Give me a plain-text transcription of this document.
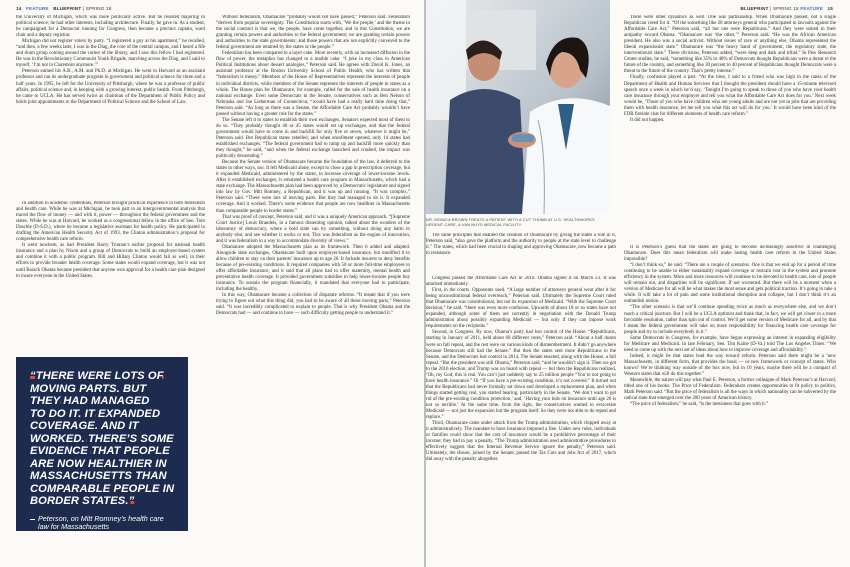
14 FEATURE BLUEPRINT | SPRING 18

the University of Michigan, which was more politically active. But he resisted majoring in political science; he had other interests, including architecture. Finally, he gave in. As a student, he campaigned for a Democrat running for Congress, then became a precinct captain, ward chair and a deputy registrar.

Michigan did not register voters by party. “I registered a guy at his apartment,” he recalled, “and then, a few weeks later, I was in the Diag, the core of the central campus, and I heard a fife and drum group coming around the corner of the library, and I saw this fellow I had registered. He was in the Revolutionary Communist Youth Brigade, marching across the Diag, and I said to myself, ‘I’m not in Claremont anymore.’”

Peterson earned his A.B., A.M. and Ph.D. at Michigan. He went to Harvard as an assistant professor and ran its undergraduate program in government and political science for three and a half years. In 1995, he left for the University of Pittsburgh, where he was a professor of public affairs, political science and, in keeping with a growing interest, public health. From Pittsburgh, he came to UCLA. He has served twice as chairman of the Department of Public Policy and holds joint appointments to the Department of Political Science and the School of Law.

In addition to academic credentials, Peterson brought practical experience in both federalism and health care. While he was at Michigan, he took part in an intergovernmental analysis that traced the flow of money — and with it, power — throughout the federal government and the states. While he was at Harvard, he worked as a congressional fellow in the office of Sen. Tom Daschle (D-S.D.), where he became a legislative assistant for health policy. He participated in drafting the American Health Security Act of 1993, the Clinton administration’s proposal for comprehensive health care reform.

It went nowhere, as had President Harry Truman’s earlier proposal for national health insurance and a plan by Nixon and a group of Democrats to build an employer-based system and combine it with a public program. Bill and Hillary Clinton would fail as well, in their efforts to provide broader health coverage. Some states would expand coverage, but it was not until Barack Obama became president that anyone won approval for a health care plan designed to insure everyone in the United States.

“THERE WERE LOTS OF
MOVING PARTS. BUT
THEY HAD MANAGED
TO DO IT. IT EXPANDED
COVERAGE. AND IT
WORKED. THERE’S SOME
EVIDENCE THAT PEOPLE
ARE NOW HEALTHIER IN
MASSACHUSETTS THAN
COMPARABLE PEOPLE IN
BORDER STATES.”
Peterson, on Mitt Romney’s health care law for Massachusetts

Without federalism, Obamacare “probably would not have passed,” Peterson said. Federalism “derives from popular sovereignty. The Constitution starts with, ‘We the people,’ and the theme in the social contract is that we, the people, have come together, and in this Constitution, we are granting certain powers and authorities to the federal government; we are granting certain powers and authorities to the state governments; and those powers that are not explicitly conveyed to the federal government are retained by the states or the people.”

Federalism has been compared to a layer cake. More recently, with an increased diffusion in the flow of power, the metaphor has changed to a marble cake. “I joke in my class in American Political Institutions about dessert analogies,” Peterson said. He agrees with David K. Jones, an assistant professor at the Boston University School of Public Health, who has written that “federalism is messy.” Members of the House of Representatives represent the interests of people in individual districts, while members of the Senate represent the interests of people in states as a whole. The House plan for Obamacare, for example, called for the sale of health insurance on a national exchange. Even some Democrats in the Senate, conservatives such as Ben Nelson of Nebraska and Joe Lieberman of Connecticut, “would have had a really hard time doing that,” Peterson said. “As long as there was a Senate, the Affordable Care Act probably wouldn’t have passed without having a greater role for the states.”

The Senate left it to states to establish their own exchanges. Senators expected most of them to do so. “They probably thought 40 or 45 states would set up exchanges, and that the federal government would have to come in and backfill for only five or seven, whatever it might be,” Peterson said. But Republican states rebelled, and when enrollment opened, only 14 states had established exchanges. “The federal government had to ramp up and backfill more quickly than they thought,” he said, “and when the federal exchange launched and crashed, the impact was politically devastating.”

Because the Senate version of Obamacare became the foundation of the law, it deferred to the states in other ways, too. It left Medicaid alone, except to close a gap in prescription coverage, but it expanded Medicaid, administered by the states, to increase coverage of lower-income levels. After it established exchanges, it emulated a health care program in Massachusetts, which had a state exchange. The Massachusetts plan had been approved by a Democratic legislature and signed into law by Gov. Mitt Romney, a Republican, and it was up and running. “It was complex,” Peterson said. “There were lots of moving parts. But they had managed to do it. It expanded coverage. And it worked. There’s some evidence that people are now healthier in Massachusetts than comparable people in border states.”

That was proof of concept, Peterson said, and it was a uniquely American approach. “[Supreme Court Justice] Louis Brandeis, in a famous dissenting opinion, talked about the wonders of the laboratory of democracy, where a bold state can try something, without doing any harm to anybody else, and see whether it works or not. This was federalism as the engine of innovation, and it was federalism in a way to accommodate diversity of views.”

Obamacare adopted the Massachusetts plan as its framework. Then it added and adapted. Alongside state exchanges, Obamacare built upon employer-based insurance, but modified it to allow children to stay on their parents’ insurance up to age 26. It forbade insurers to deny benefits because of pre-existing conditions. It required companies with 50 or more full-time employees to offer affordable insurance, and it said that all plans had to offer maternity, mental health and preventative health coverage. It provided government subsidies to help lower-income people buy insurance. To sustain the program financially, it mandated that everyone had to participate, including the healthy.

In this way, Obamacare became a collection of disparate reforms. “It meant that if you were trying to figure out what this thing did, you had to be aware of all these moving parts,” Peterson said. “It was incredibly complicated to explain to people. That is why President Obama and the Democrats had — and continue to have — such difficulty getting people to understand it.”

DR. MONICA BROWN TREATS A PATIENT WITH A CUT THUMB AT U.S. HEALTHWORKS URGENT CARE, A VAN NUYS MEDICAL FACILITY.

The same principles that enabled the creation of Obamacare by giving the states a role in it, Peterson said, “also gave the platform and the authority to people at the state level to challenge it.” The states, which had been crucial to shaping and approving Obamacare, now became a path to resistance.

Congress passed the Affordable Care Act in 2010. Obama signed it on March 23. It was attacked immediately.

First, in the courts. Opponents sued. “A large number of attorneys general went after it for being unconstitutional federal overreach,” Peterson said. Ultimately the Supreme Court ruled that Obamacare was constitutional, but not its expansion of Medicaid. “With the Supreme Court decision,” he said, “there was even more confusion. Upwards of about 18 or so states have not expanded, although some of them are currently in negotiation with the Donald Trump administration about possibly expanding Medicaid — but only if they can impose work requirements on the recipients.”

Second, in Congress. By now, Obama’s party had lost control of the House. “Republicans, starting in January of 2011, held about 60 different votes,” Peterson said. “About a half dozen were on full repeal, and the rest were on various kinds of dismemberment. It didn’t go anywhere because Democrats still had the Senate.” But then the states sent more Republicans to the Senate, and the Democrats lost control in 2014. The Senate enacted, along with the House, a full repeal. “But the president was still Obama,” Peterson said, “and he wouldn’t sign it. Then we got to the 2016 election, and Trump was on board with repeal — but then the Republicans realized, ‘Oh, my God, this is real. You can’t just suddenly say to 25 million people “You’re not going to have health insurance.” Or “If you have a pre-existing condition, it’s not covered.” It turned out that the Republicans had never formally sat down and developed a replacement plan, and when things started getting real, you started hearing, particularly in the Senate, ‘We don’t want to get rid of the pre-existing condition protection,’ and, ‘Having your kids on insurance until age 26 is not so terrible.’ At the same time, from the right, the conservatives wanted to eviscerate Medicaid — not just the expansion but the program itself. So they were not able to do repeal and replace.”

Third, Obamacare came under attack from the Trump administration, which chipped away at it administratively. The mandate to have insurance imposed a fine. Under new rules, individuals or families could show that the cost of insurance would be a prohibitive percentage of their income; they had to pay a penalty. “The Trump administration used administrative procedures to effectively suggest that the Internal Revenue Service ignore the penalty,” Peterson said. Ultimately, the House, joined by the Senate, passed the Tax Cuts and Jobs Act of 2017, which did away with the penalty altogether.

BLUEPRINT | SPRING 18 FEATURE 15

There were other dynamics as well. One was partisanship. When Obamacare passed, not a single Republican voted for it. “Of the something like 28 attorneys general who participated in lawsuits against the Affordable Care Act,” Peterson said, “all but one were Republicans.” And they were united in their antipathy toward Obama. “Obamacare was ‘the other,’” Peterson said. “He was the African American president. He also was a social activist. Without issues of race or anything else, Obama represented the liberal expansionist state.” Obamacare was “the heavy hand of government, the regulatory state, the interventionist state.” These divisions, Peterson added, “were deep and dark and tribal.” In Pew Research Center studies, he said, “something like 35% to 40% of Democrats thought Republicans were a threat to the future of the country, and something like 30 percent to 40 percent of Republicans thought Democrats were a threat to the future of the country. That’s pretty intense.”

Finally, confusion played a part. “At the time, I said to a friend who was high in the ranks of the Department of Health and Human Services that I thought the president should have a 15-minute televised speech once a week in which he’d say, ‘Tonight I’m going to speak to those of you who have your health care insurance through your employer and tell you what the Affordable Care Act does for you.’ Next week would be, ‘Those of you who have children who are young adults and are not yet in jobs that are providing them with health insurance, let me tell you what this act will do for you.’ It would have been kind of the FDR fireside chat for different elements of health care reform.”

It did not happen.

It is Peterson’s guess that the states are going to become increasingly assertive in challenging Obamacare. Does this mean federalism will make lasting health care reform in the United States impossible?

“I don’t think so,” he said. “There are a couple of scenarios. One is that we end up for a period of time continuing to be unable to either sustainably expand coverage or restrain cost in the system and promote efficiency in the system. More and more resources will continue to be devoted to health care, lots of people will remain out, and disparities will be significant. If not worsened. But there will be a moment when a version of Medicare for all will be what makes the most sense and gets political traction. It’s going to take a while. It will take a lot of pain and some institutional disruption and collapse, but I don’t think it’s an outlandish notion.

“The other scenario is that we’ll continue spending twice as much as everywhere else, and we don’t reach a critical juncture. But I will be a UCLA optimist and think that, in fact, we will get closer to a more favorable resolution, rather than spin out of control. We’ll get some version of Medicare for all, and by that I mean the federal government will take on more responsibility for financing health care coverage for people and try to include everybody in it.”

Some Democrats in Congress, for example, have begun expressing an interest in expanding eligibility for Medicare and Medicaid. In late February, Sen. Tim Kaine (D-Va.) told The Los Angeles Times: “We need to come up with the next set of ideas about how to improve coverage and affordability.”

Indeed, it might be that states lead the way toward reform. Peterson said there might be a ‘new Massachusetts, in different form, that provides the basis — or new framework or concept of states. Who knows? We’re thinking way outside of the box now, but in 10 years, maybe there will be a compact of Western states that will do this together.”

Meanwhile, the nation will pay what Paul E. Peterson, a former colleague of Mark Peterson’s at Harvard, titled one of his books: The Price of Federalism. Federalism creates opportunities to fit policy to politics, Mark Peterson said. “But the price of federalism is all the ways in which nationality can be subverted by the radical state that emerged over the 200 years of American history.

“The price of federalism,” he said, “is the messiness that goes with it.”
